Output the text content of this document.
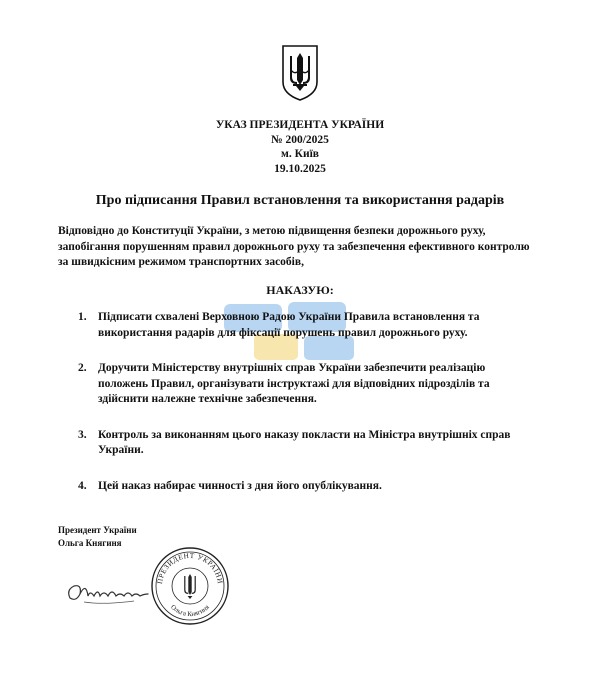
УКАЗ ПРЕЗИДЕНТА УКРАЇНИ
№ 200/2025
м. Київ
19.10.2025
Про підписання Правил встановлення та використання радарів
Відповідно до Конституції України, з метою підвищення безпеки дорожнього руху,
запобігання порушенням правил дорожнього руху та забезпечення ефективного контролю
за швидкісним режимом транспортних засобів,
НАКАЗУЮ:
1. Підписати схвалені Верховною Радою України Правила встановлення та
використання радарів для фіксації порушень правил дорожнього руху.
2. Доручити Міністерству внутрішніх справ України забезпечити реалізацію
положень Правил, організувати інструктажі для відповідних підрозділів та
здійснити належне технічне забезпечення.
3. Контроль за виконанням цього наказу покласти на Міністра внутрішніх справ
України.
4. Цей наказ набирає чинності з дня його опублікування.
Президент України
Ольга Княгиня
ПРЕЗИДЕНТ УКРАЇНИ
Ольга Княгиня
